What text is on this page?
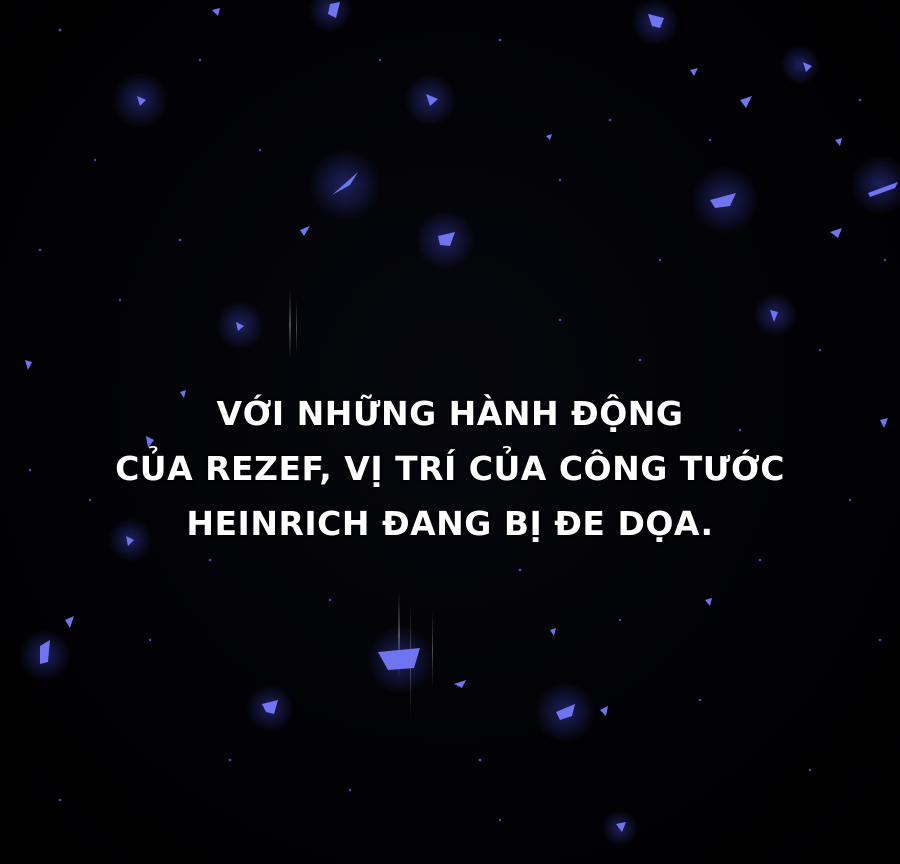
VỚI NHỮNG HÀNH ĐỘNG
CỦA REZEF, VỊ TRÍ CỦA CÔNG TƯỚC
HEINRICH ĐANG BỊ ĐE DỌA.
